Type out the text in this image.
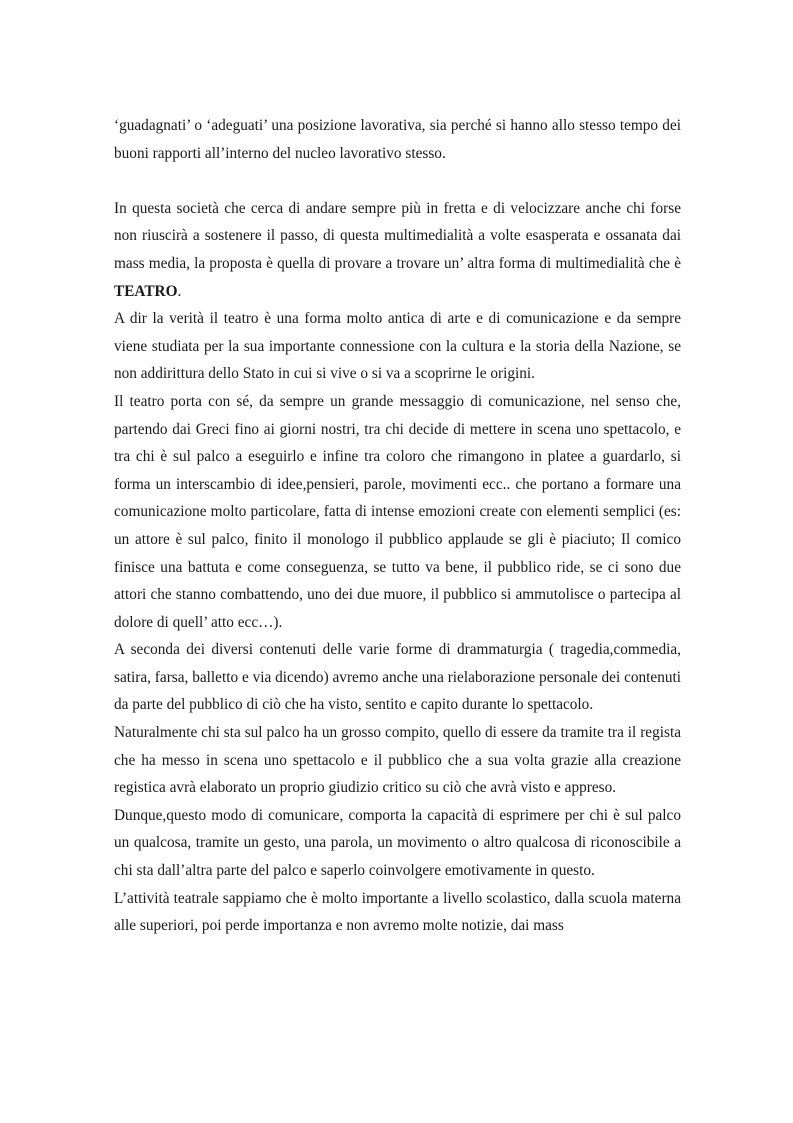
‘guadagnati’ o ‘adeguati’ una posizione lavorativa, sia perché si hanno allo stesso tempo dei buoni rapporti all’interno del nucleo lavorativo stesso.

In questa società che cerca di andare sempre più in fretta e di velocizzare anche chi forse non riuscirà a sostenere il passo, di questa multimedialità a volte esasperata e ossanata dai mass media, la proposta è quella di provare a trovare un’ altra forma di multimedialità che è TEATRO.

A dir la verità il teatro è una forma molto antica di arte e di comunicazione e da sempre viene studiata per la sua importante connessione con la cultura e la storia della Nazione, se non addirittura dello Stato in cui si vive o si va a scoprirne le origini.

Il teatro porta con sé, da sempre un grande messaggio di comunicazione, nel senso che, partendo dai Greci fino ai giorni nostri, tra chi decide di mettere in scena uno spettacolo, e tra chi è sul palco a eseguirlo e infine tra coloro che rimangono in platee a guardarlo, si forma un interscambio di idee,pensieri, parole, movimenti ecc.. che portano a formare una comunicazione molto particolare, fatta di intense emozioni create con elementi semplici (es: un attore è sul palco, finito il monologo il pubblico applaude se gli è piaciuto; Il comico finisce una battuta e come conseguenza, se tutto va bene, il pubblico ride, se ci sono due attori che stanno combattendo, uno dei due muore, il pubblico si ammutolisce o partecipa al dolore di quell’ atto ecc…).

A seconda dei diversi contenuti delle varie forme di drammaturgia ( tragedia,commedia, satira, farsa, balletto e via dicendo) avremo anche una rielaborazione personale dei contenuti da parte del pubblico di ciò che ha visto, sentito e capito durante lo spettacolo.

Naturalmente chi sta sul palco ha un grosso compito, quello di essere da tramite tra il regista che ha messo in scena uno spettacolo e il pubblico che a sua volta grazie alla creazione registica avrà elaborato un proprio giudizio critico su ciò che avrà visto e appreso.

Dunque,questo modo di comunicare, comporta la capacità di esprimere per chi è sul palco un qualcosa, tramite un gesto, una parola, un movimento o altro qualcosa di riconoscibile a chi sta dall’altra parte del palco e saperlo coinvolgere emotivamente in questo.

L’attività teatrale sappiamo che è molto importante a livello scolastico, dalla scuola materna alle superiori, poi perde importanza e non avremo molte notizie, dai mass
